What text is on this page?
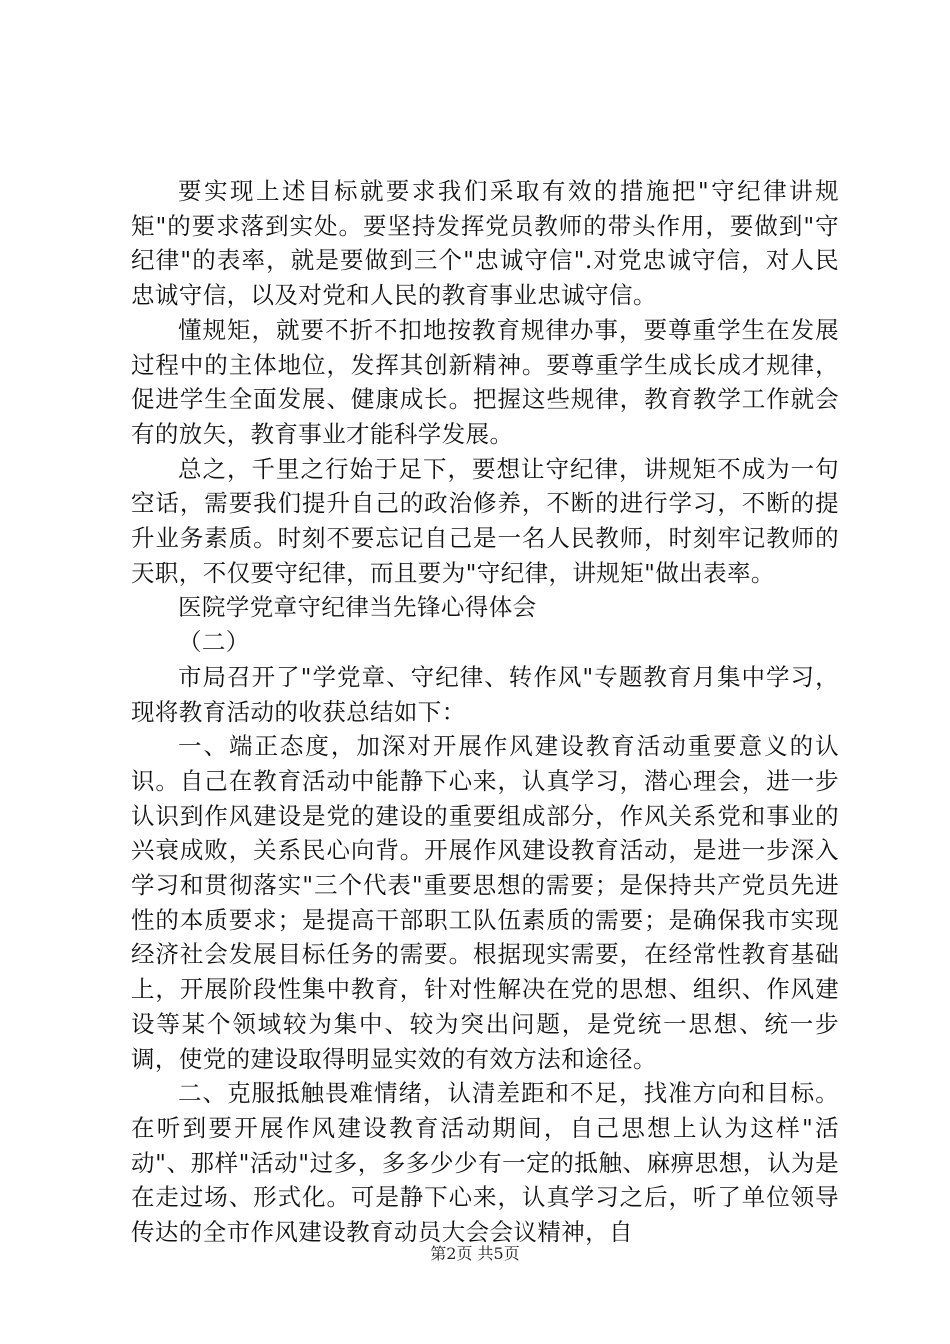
要实现上述目标就要求我们采取有效的措施把"守纪律讲规矩"的要求落到实处。要坚持发挥党员教师的带头作用，要做到"守纪律"的表率，就是要做到三个"忠诚守信".对党忠诚守信，对人民忠诚守信，以及对党和人民的教育事业忠诚守信。

懂规矩，就要不折不扣地按教育规律办事，要尊重学生在发展过程中的主体地位，发挥其创新精神。要尊重学生成长成才规律，促进学生全面发展、健康成长。把握这些规律，教育教学工作就会有的放矢，教育事业才能科学发展。

总之，千里之行始于足下，要想让守纪律，讲规矩不成为一句空话，需要我们提升自己的政治修养，不断的进行学习，不断的提升业务素质。时刻不要忘记自己是一名人民教师，时刻牢记教师的天职，不仅要守纪律，而且要为"守纪律，讲规矩"做出表率。

医院学党章守纪律当先锋心得体会

（二）

市局召开了"学党章、守纪律、转作风"专题教育月集中学习，现将教育活动的收获总结如下：

一、端正态度，加深对开展作风建设教育活动重要意义的认识。自己在教育活动中能静下心来，认真学习，潜心理会，进一步认识到作风建设是党的建设的重要组成部分，作风关系党和事业的兴衰成败，关系民心向背。开展作风建设教育活动，是进一步深入学习和贯彻落实"三个代表"重要思想的需要；是保持共产党员先进性的本质要求；是提高干部职工队伍素质的需要；是确保我市实现经济社会发展目标任务的需要。根据现实需要，在经常性教育基础上，开展阶段性集中教育，针对性解决在党的思想、组织、作风建设等某个领域较为集中、较为突出问题，是党统一思想、统一步调，使党的建设取得明显实效的有效方法和途径。

二、克服抵触畏难情绪，认清差距和不足，找准方向和目标。在听到要开展作风建设教育活动期间，自己思想上认为这样"活动"、那样"活动"过多，多多少少有一定的抵触、麻痹思想，认为是在走过场、形式化。可是静下心来，认真学习之后，听了单位领导传达的全市作风建设教育动员大会会议精神，自

第2页 共5页
